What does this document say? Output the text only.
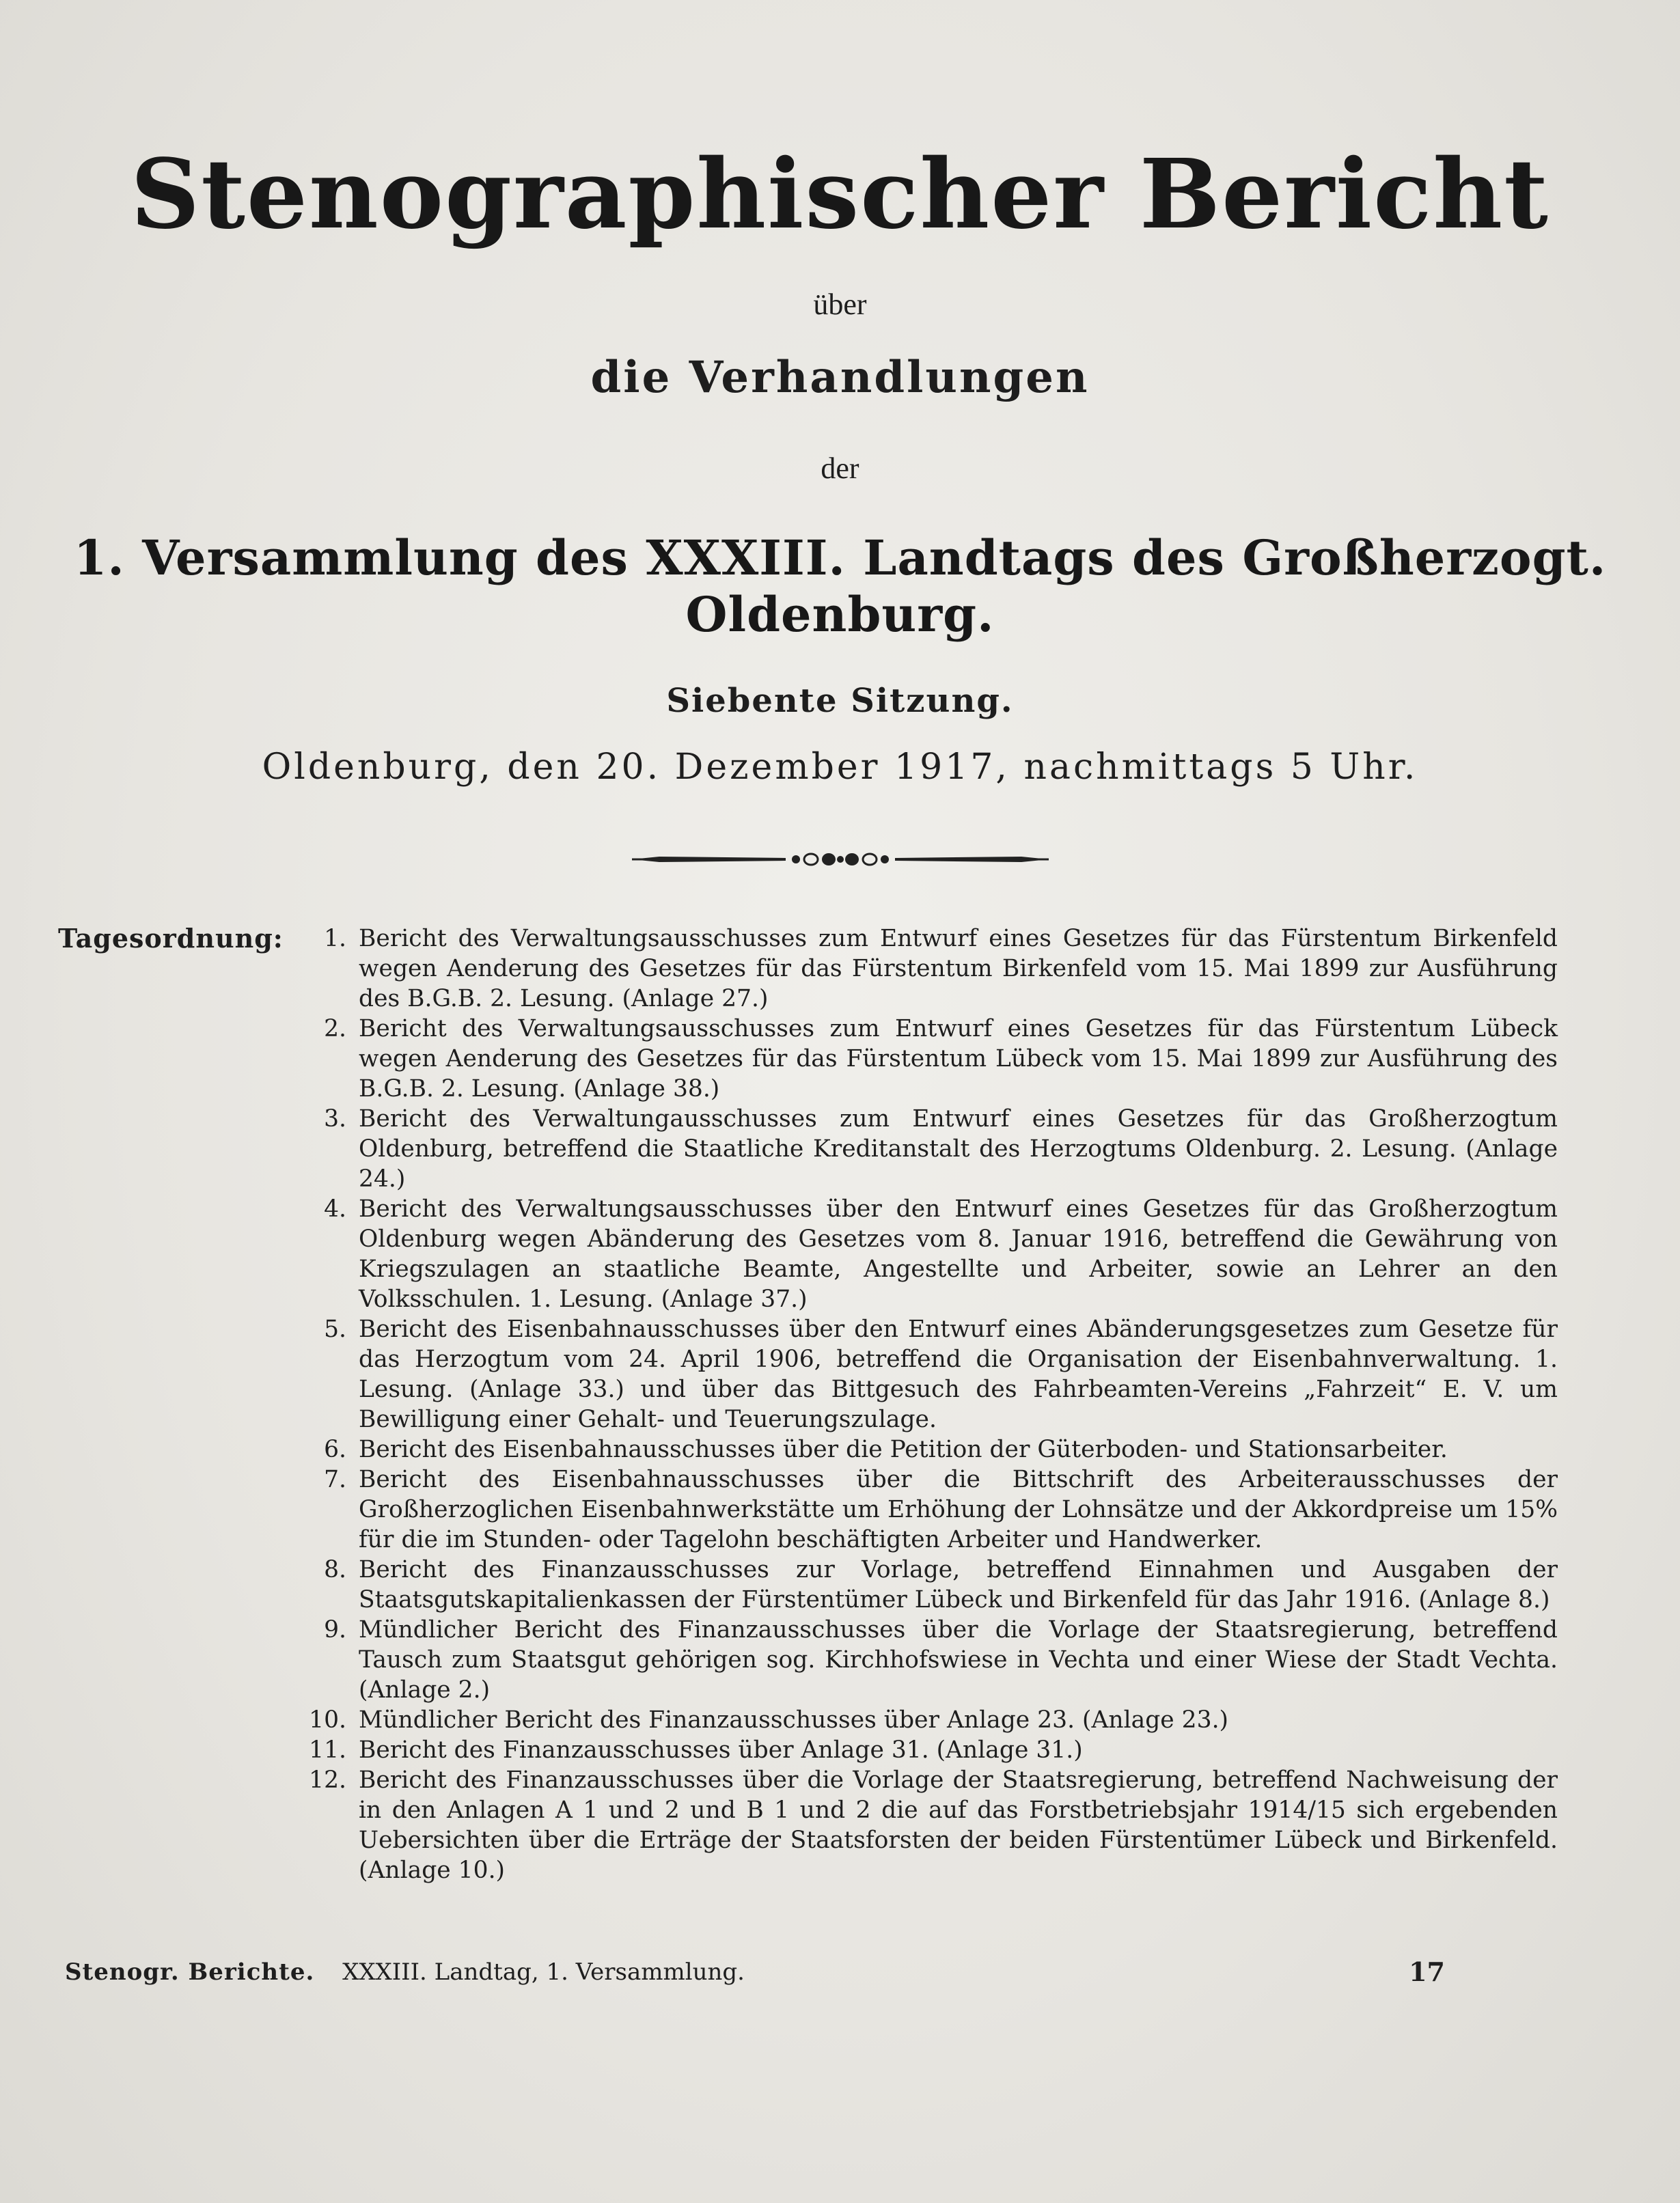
Stenographischer Bericht
über
die Verhandlungen
der
1. Versammlung des XXXIII. Landtags des Großherzogt. Oldenburg.
Siebente Sitzung.
Oldenburg, den 20. Dezember 1917, nachmittags 5 Uhr.
Tagesordnung:	1. Bericht des Verwaltungsausschusses zum Entwurf eines Gesetzes für das Fürstentum Birkenfeld wegen Aenderung des Gesetzes für das Fürstentum Birkenfeld vom 15. Mai 1899 zur Ausführung des B.G.B. 2. Lesung. (Anlage 27.)
2. Bericht des Verwaltungsausschusses zum Entwurf eines Gesetzes für das Fürstentum Lübeck wegen Aenderung des Gesetzes für das Fürstentum Lübeck vom 15. Mai 1899 zur Ausführung des B.G.B. 2. Lesung. (Anlage 38.)
3. Bericht des Verwaltungausschusses zum Entwurf eines Gesetzes für das Großherzogtum Oldenburg, betreffend die Staatliche Kreditanstalt des Herzogtums Oldenburg. 2. Lesung. (Anlage 24.)
4. Bericht des Verwaltungsausschusses über den Entwurf eines Gesetzes für das Großherzogtum Oldenburg wegen Abänderung des Gesetzes vom 8. Januar 1916, betreffend die Gewährung von Kriegszulagen an staatliche Beamte, Angestellte und Arbeiter, sowie an Lehrer an den Volksschulen. 1. Lesung. (Anlage 37.)
5. Bericht des Eisenbahnausschusses über den Entwurf eines Abänderungsgesetzes zum Gesetze für das Herzogtum vom 24. April 1906, betreffend die Organisation der Eisenbahnverwaltung. 1. Lesung. (Anlage 33.) und über das Bittgesuch des Fahrbeamten-Vereins „Fahrzeit“ E. V. um Bewilligung einer Gehalt- und Teuerungszulage.
6. Bericht des Eisenbahnausschusses über die Petition der Güterboden- und Stationsarbeiter.
7. Bericht des Eisenbahnausschusses über die Bittschrift des Arbeiterausschusses der Großherzoglichen Eisenbahnwerkstätte um Erhöhung der Lohnsätze und der Akkordpreise um 15% für die im Stunden- oder Tagelohn beschäftigten Arbeiter und Handwerker.
8. Bericht des Finanzausschusses zur Vorlage, betreffend Einnahmen und Ausgaben der Staatsgutskapitalienkassen der Fürstentümer Lübeck und Birkenfeld für das Jahr 1916. (Anlage 8.)
9. Mündlicher Bericht des Finanzausschusses über die Vorlage der Staatsregierung, betreffend Tausch zum Staatsgut gehörigen sog. Kirchhofswiese in Vechta und einer Wiese der Stadt Vechta. (Anlage 2.)
10. Mündlicher Bericht des Finanzausschusses über Anlage 23. (Anlage 23.)
11. Bericht des Finanzausschusses über Anlage 31. (Anlage 31.)
12. Bericht des Finanzausschusses über die Vorlage der Staatsregierung, betreffend Nachweisung der in den Anlagen A 1 und 2 und B 1 und 2 die auf das Forstbetriebsjahr 1914/15 sich ergebenden Uebersichten über die Erträge der Staatsforsten der beiden Fürstentümer Lübeck und Birkenfeld. (Anlage 10.)
Stenogr. Berichte. XXXIII. Landtag, 1. Versammlung.	17
